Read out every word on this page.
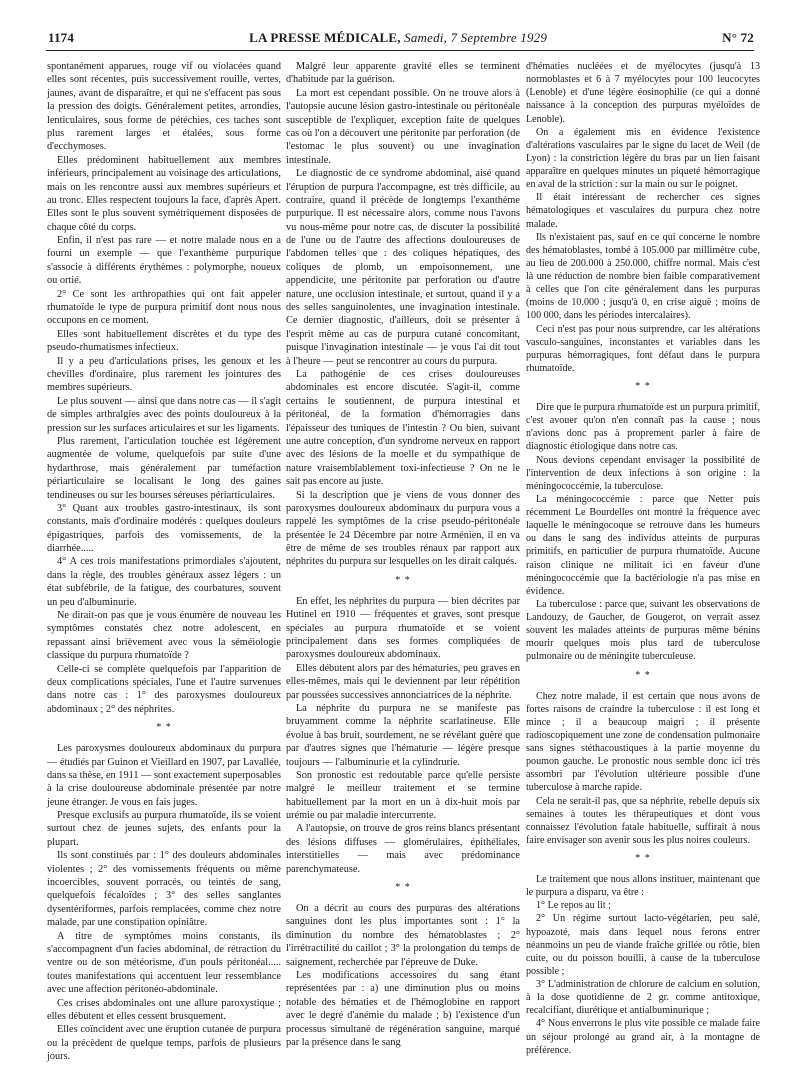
1174	LA PRESSE MÉDICALE, Samedi, 7 Septembre 1929	N° 72

spontanément apparues, rouge vif ou violacées quand elles sont récentes, puis successivement rouille, vertes, jaunes, avant de disparaître, et qui ne s'effacent pas sous la pression des doigts. Généralement petites, arrondies, lenticulaires, sous forme de pétéchies, ces taches sont plus rarement larges et étalées, sous forme d'ecchymoses.

Elles prédominent habituellement aux membres inférieurs, principalement au voisinage des articulations, mais on les rencontre aussi aux membres supérieurs et au tronc. Elles respectent toujours la face, d'après Apert. Elles sont le plus souvent symétriquement disposées de chaque côté du corps.

Enfin, il n'est pas rare — et notre malade nous en a fourni un exemple — que l'exanthème purpurique s'associe à différents érythèmes : polymorphe, noueux ou ortié.

2° Ce sont les arthropathies qui ont fait appeler rhumatoïde le type de purpura primitif dont nous nous occupons en ce moment.

Elles sont habituellement discrètes et du type des pseudo-rhumatismes infectieux.

Il y a peu d'articulations prises, les genoux et les chevilles d'ordinaire, plus rarement les jointures des membres supérieurs.

Le plus souvent — ainsi que dans notre cas — il s'agit de simples arthralgies avec des points douloureux à la pression sur les surfaces articulaires et sur les ligaments.

Plus rarement, l'articulation touchée est légèrement augmentée de volume, quelquefois par suite d'une hydarthrose, mais généralement par tuméfaction périarticulaire se localisant le long des gaines tendineuses ou sur les bourses séreuses périarticulaires.

3° Quant aux troubles gastro-intestinaux, ils sont constants, mais d'ordinaire modérés : quelques douleurs épigastriques, parfois des vomissements, de la diarrhée.....

4° A ces trois manifestations primordiales s'ajoutent, dans la règle, des troubles généraux assez légers : un état subfébrile, de la fatigue, des courbatures, souvent un peu d'albuminurie.

Ne dirait-on pas que je vous énumère de nouveau les symptômes constatés chez notre adolescent, en repassant ainsi brièvement avec vous la séméiologie classique du purpura rhumatoïde ?

Celle-ci se complète quelquefois par l'apparition de deux complications spéciales, l'une et l'autre survenues dans notre cas : 1° des paroxysmes douloureux abdominaux ; 2° des néphrites.

* *

Les paroxysmes douloureux abdominaux du purpura — étudiés par Guinon et Vieillard en 1907, par Lavallée, dans sa thèse, en 1911 — sont exactement superposables à la crise douloureuse abdominale présentée par notre jeune étranger. Je vous en fais juges.

Presque exclusifs au purpura rhumatoïde, ils se voient surtout chez de jeunes sujets, des enfants pour la plupart.

Ils sont constitués par : 1° des douleurs abdominales violentes ; 2° des vomissements fréquents ou même incoercibles, souvent porracés, ou teintés de sang, quelquefois fécaloïdes ; 3° des selles sanglantes dysentériformes, parfois remplacées, comme chez notre malade, par une constipation opiniâtre.

A titre de symptômes moins constants, ils s'accompagnent d'un facies abdominal, de rétraction du ventre ou de son météorisme, d'un pouls péritonéal..... toutes manifestations qui accentuent leur ressemblance avec une affection péritonéo-abdominale.

Ces crises abdominales ont une allure paroxystique ; elles débutent et elles cessent brusquement.

Elles coïncident avec une éruption cutanée de purpura ou la précèdent de quelque temps, parfois de plusieurs jours.

Malgré leur apparente gravité elles se terminent d'habitude par la guérison.

La mort est cependant possible. On ne trouve alors à l'autopsie aucune lésion gastro-intestinale ou péritonéale susceptible de l'expliquer, exception faite de quelques cas où l'on a découvert une péritonite par perforation (de l'estomac le plus souvent) ou une invagination intestinale.

Le diagnostic de ce syndrome abdominal, aisé quand l'éruption de purpura l'accompagne, est très difficile, au contraire, quand il précède de longtemps l'exanthème purpurique. Il est nécessaire alors, comme nous l'avons vu nous-même pour notre cas, de discuter la possibilité de l'une ou de l'autre des affections douloureuses de l'abdomen telles que : des coliques hépatiques, des coliques de plomb, un empoisonnement, une appendicite, une péritonite par perforation ou d'autre nature, une occlusion intestinale, et surtout, quand il y a des selles sanguinolentes, une invagination intestinale. Ce dernier diagnostic, d'ailleurs, doit se présenter à l'esprit même au cas de purpura cutané concomitant, puisque l'invagination intestinale — je vous l'ai dit tout à l'heure — peut se rencontrer au cours du purpura.

La pathogénie de ces crises douloureuses abdominales est encore discutée. S'agit-il, comme certains le soutiennent, de purpura intestinal et péritonéal, de la formation d'hémorragies dans l'épaisseur des tuniques de l'intestin ? Ou bien, suivant une autre conception, d'un syndrome nerveux en rapport avec des lésions de la moelle et du sympathique de nature vraisemblablement toxi-infectieuse ? On ne le sait pas encore au juste.

Si la description que je viens de vous donner des paroxysmes douloureux abdominaux du purpura vous a rappelé les symptômes de la crise pseudo-péritonéale présentée le 24 Décembre par notre Arménien, il en va être de même de ses troubles rénaux par rapport aux néphrites du purpura sur lesquelles on les dirait calqués.

* *

En effet, les néphrites du purpura — bien décrites par Hutinel en 1910 — fréquentes et graves, sont presque spéciales au purpura rhumatoïde et se voient principalement dans ses formes compliquées de paroxysmes douloureux abdominaux.

Elles débutent alors par des hématuries, peu graves en elles-mêmes, mais qui le deviennent par leur répétition par poussées successives annonciatrices de la néphrite.

La néphrite du purpura ne se manifeste pas bruyamment comme la néphrite scarlatineuse. Elle évolue à bas bruit, sourdement, ne se révélant guère que par d'autres signes que l'hématurie — légère presque toujours — l'albuminurie et la cylindrurie.

Son pronostic est redoutable parce qu'elle persiste malgré le meilleur traitement et se termine habituellement par la mort en un à dix-huit mois par urémie ou par maladie intercurrente.

A l'autopsie, on trouve de gros reins blancs présentant des lésions diffuses — glomérulaires, épithéliales, interstitielles — mais avec prédominance parenchymateuse.

* *

On a décrit au cours des purpuras des altérations sanguines dont les plus importantes sont : 1° la diminution du nombre des hématoblastes ; 2° l'irrétractilité du caillot ; 3° la prolongation du temps de saignement, recherchée par l'épreuve de Duke.

Les modifications accessoires du sang étant représentées par : a) une diminution plus ou moins notable des hématies et de l'hémoglobine en rapport avec le degré d'anémie du malade ; b) l'existence d'un processus simultané de régénération sanguine, marqué par la présence dans le sang

d'hématies nucléées et de myélocytes (jusqu'à 13 normoblastes et 6 à 7 myélocytes pour 100 leucocytes (Lenoble) et d'une légère éosinophilie (ce qui a donné naissance à la conception des purpuras myéloïdes de Lenoble).

On a également mis en évidence l'existence d'altérations vasculaires par le signe du lacet de Weil (de Lyon) : la constriction légère du bras par un lien faisant apparaître en quelques minutes un piqueté hémorragique en aval de la striction : sur la main ou sur le poignet.

Il était intéressant de rechercher ces signes hématologiques et vasculaires du purpura chez notre malade.

Ils n'existaient pas, sauf en ce qui concerne le nombre des hématoblastes, tombé à 105.000 par millimètre cube, au lieu de 200.000 à 250.000, chiffre normal. Mais c'est là une réduction de nombre bien faible comparativement à celles que l'on cite généralement dans les purpuras (moins de 10.000 ; jusqu'à 0, en crise aiguë ; moins de 100 000, dans les périodes intercalaires).

Ceci n'est pas pour nous surprendre, car les altérations vasculo-sanguines, inconstantes et variables dans les purpuras hémorragiques, font défaut dans le purpura rhumatoïde.

* *

Dire que le purpura rhumatoïde est un purpura primitif, c'est avouer qu'on n'en connaît pas la cause ; nous n'avions donc pas à proprement parler à faire de diagnostic étiologique dans notre cas.

Nous devions cependant envisager la possibilité de l'intervention de deux infections à son origine : la méningococcémie, la tuberculose.

La méningococcémie : parce que Netter puis récemment Le Bourdelles ont montré la fréquence avec laquelle le méningocoque se retrouve dans les humeurs ou dans le sang des individus atteints de purpuras primitifs, en particulier de purpura rhumatoïde. Aucune raison clinique ne militait ici en faveur d'une méningococcémie que la bactériologie n'a pas mise en évidence.

La tuberculose : parce que, suivant les observations de Landouzy, de Gaucher, de Gougerot, on verrait assez souvent les malades atteints de purpuras même bénins mourir quelques mois plus tard de tuberculose pulmonaire ou de méningite tuberculeuse.

* *

Chez notre malade, il est certain que nous avons de fortes raisons de craindre la tuberculose : il est long et mince ; il a beaucoup maigri ; il présente radioscopiquement une zone de condensation pulmonaire sans signes stéthacoustiques à la partie moyenne du poumon gauche. Le pronostic nous semble donc ici très assombri par l'évolution ultérieure possible d'une tuberculose à marche rapide.

Cela ne serait-il pas, que sa néphrite, rebelle depuis six semaines à toutes les thérapeutiques et dont vous connaissez l'évolution fatale habituelle, suffirait à nous faire envisager son avenir sous les plus noires couleurs.

* *

Le traitement que nous allons instituer, maintenant que le purpura a disparu, va être :

1° Le repos au lit ;

2° Un régime surtout lacto-végétarien, peu salé, hypoazoté, mais dans lequel nous ferons entrer néanmoins un peu de viande fraîche grillée ou rôtie, bien cuite, ou du poisson bouilli, à cause de la tuberculose possible ;

3° L'administration de chlorure de calcium en solution, à la dose quotidienne de 2 gr. comme antitoxique, recalcifiant, diurétique et antialbuminurique ;

4° Nous enverrons le plus vite possible ce malade faire un séjour prolongé au grand air, à la montagne de préférence.
